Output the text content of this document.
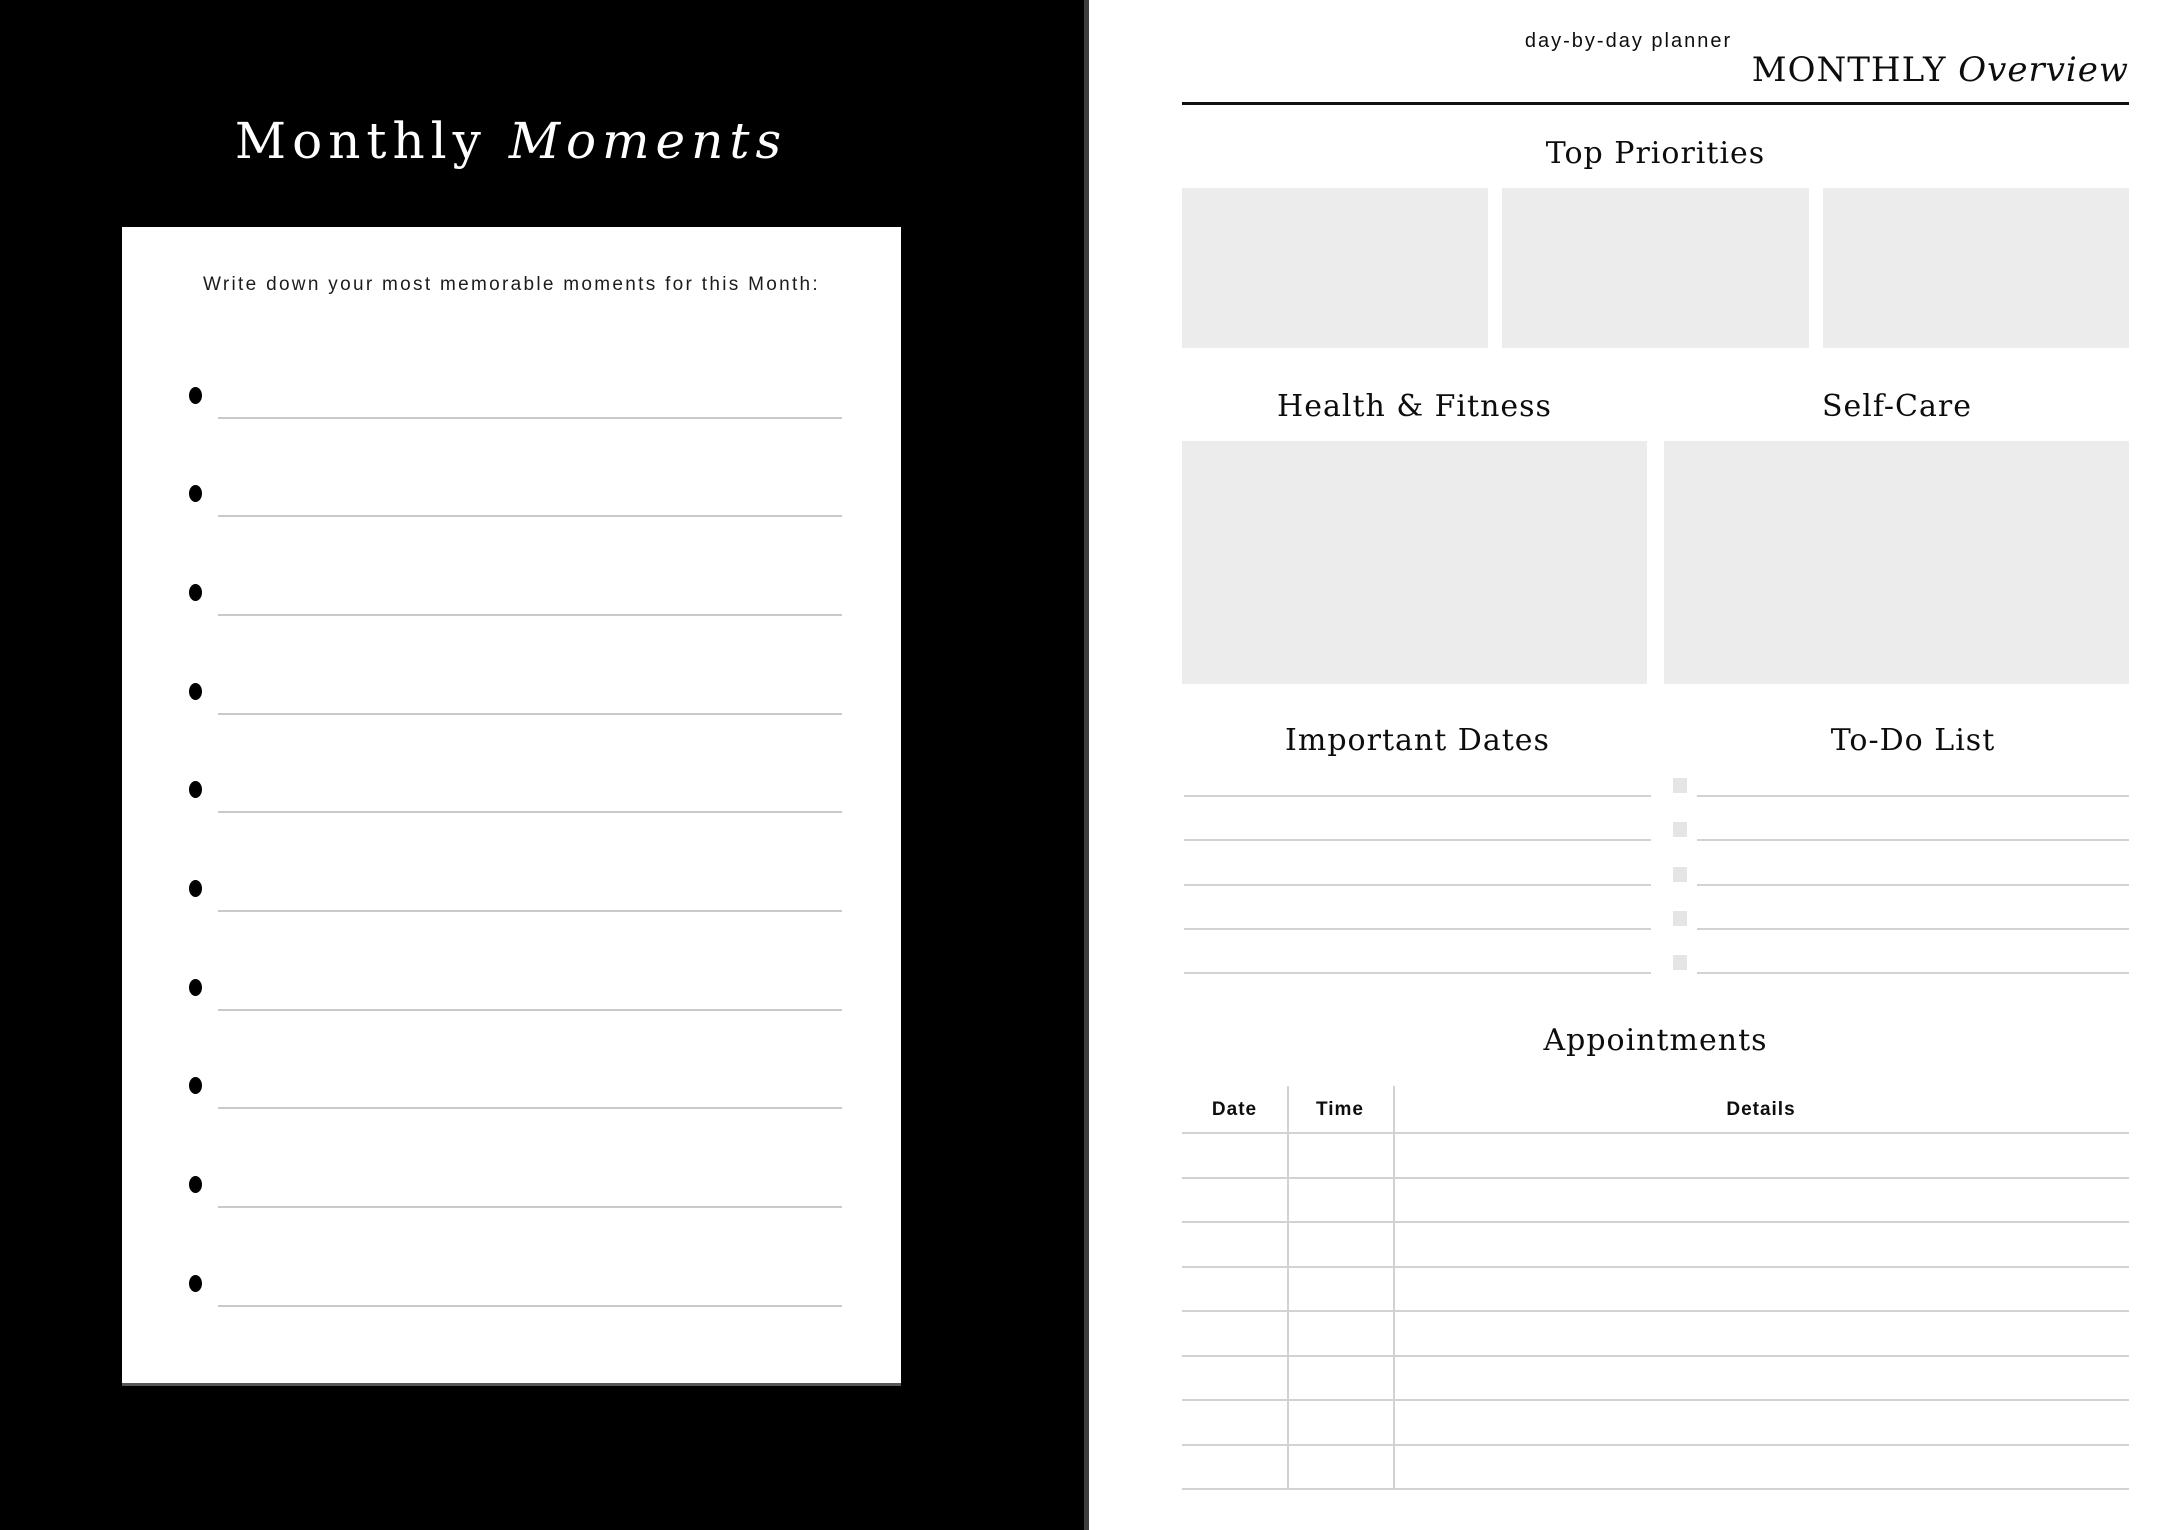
Monthly Moments

Write down your most memorable moments for this Month:

day-by-day planner
MONTHLY Overview
Top Priorities
Health & Fitness	Self-Care
Important Dates	To-Do List
Appointments
Date	Time	Details
